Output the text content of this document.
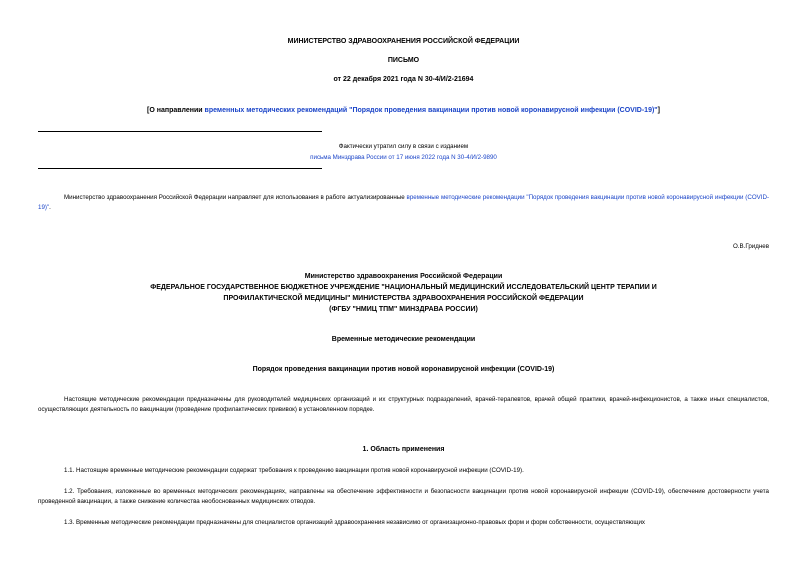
МИНИСТЕРСТВО ЗДРАВООХРАНЕНИЯ РОССИЙСКОЙ ФЕДЕРАЦИИ
ПИСЬМО
от 22 декабря 2021 года N 30-4/И/2-21694
[О направлении временных методических рекомендаций "Порядок проведения вакцинации против новой коронавирусной инфекции (COVID-19)"]
Фактически утратил силу в связи с изданием
письма Минздрава России от 17 июня 2022 года N 30-4/И/2-9890
Министерство здравоохранения Российской Федерации направляет для использования в работе актуализированные временные методические рекомендации "Порядок проведения вакцинации против новой коронавирусной инфекции (COVID-19)".
О.В.Гриднев
Министерство здравоохранения Российской Федерации
ФЕДЕРАЛЬНОЕ ГОСУДАРСТВЕННОЕ БЮДЖЕТНОЕ УЧРЕЖДЕНИЕ "НАЦИОНАЛЬНЫЙ МЕДИЦИНСКИЙ ИССЛЕДОВАТЕЛЬСКИЙ ЦЕНТР ТЕРАПИИ И
ПРОФИЛАКТИЧЕСКОЙ МЕДИЦИНЫ" МИНИСТЕРСТВА ЗДРАВООХРАНЕНИЯ РОССИЙСКОЙ ФЕДЕРАЦИИ
(ФГБУ "НМИЦ ТПМ" МИНЗДРАВА РОССИИ)
Временные методические рекомендации
Порядок проведения вакцинации против новой коронавирусной инфекции (COVID-19)
Настоящие методические рекомендации предназначены для руководителей медицинских организаций и их структурных подразделений, врачей-терапевтов, врачей общей практики, врачей-инфекционистов, а также иных специалистов, осуществляющих деятельность по вакцинации (проведение профилактических прививок) в установленном порядке.
1. Область применения
1.1. Настоящие временные методические рекомендации содержат требования к проведению вакцинации против новой коронавирусной инфекции (COVID-19).
1.2. Требования, изложенные во временных методических рекомендациях, направлены на обеспечение эффективности и безопасности вакцинации против новой коронавирусной инфекции (COVID-19), обеспечение достоверности учета проведенной вакцинации, а также снижение количества необоснованных медицинских отводов.
1.3. Временные методические рекомендации предназначены для специалистов организаций здравоохранения независимо от организационно-правовых форм и форм собственности, осуществляющих
